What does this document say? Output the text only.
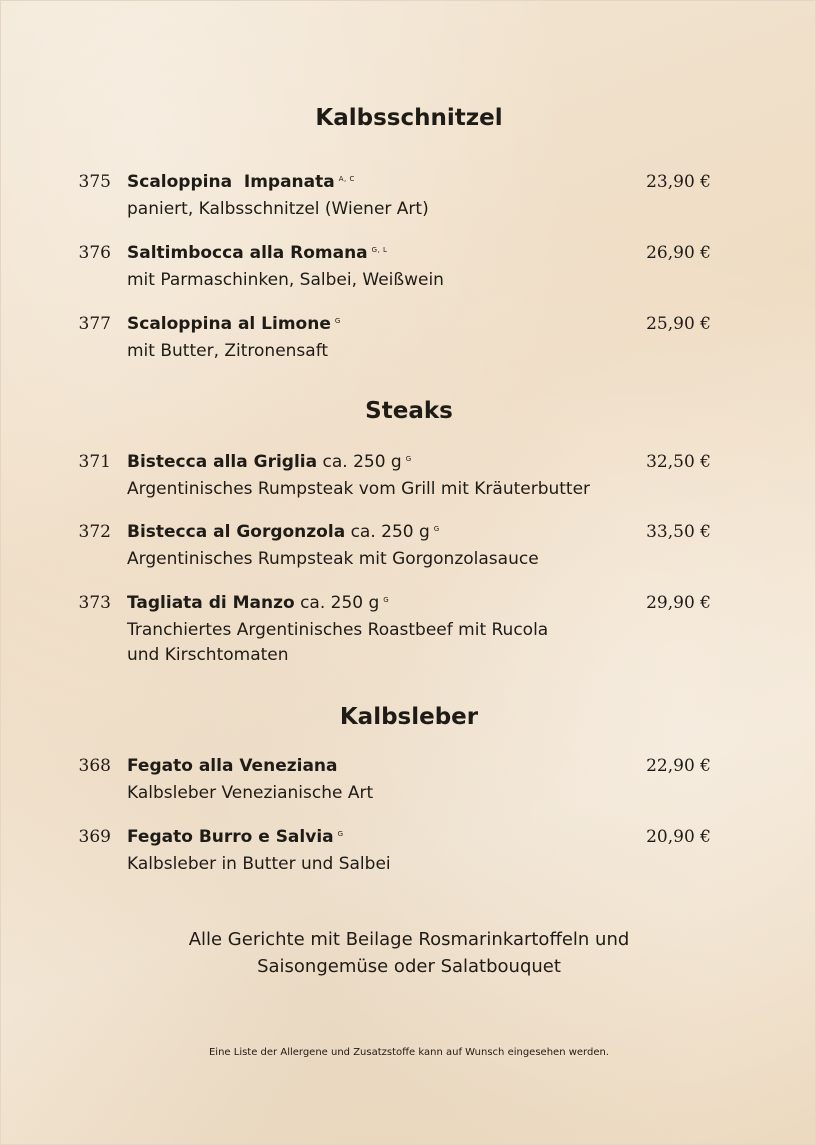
Kalbsschnitzel
375 Scaloppina  Impanata $^{A, C}$	23,90 €
paniert, Kalbsschnitzel (Wiener Art)
376 Saltimbocca alla Romana $^{G, L}$	26,90 €
mit Parmaschinken, Salbei, Weißwein
377 Scaloppina al Limone $^G$	25,90 €
mit Butter, Zitronensaft
Steaks
371 Bistecca alla Griglia ca. 250 g $^G$	32,50 €
Argentinisches Rumpsteak vom Grill mit Kräuterbutter
372 Bistecca al Gorgonzola ca. 250 g $^G$	33,50 €
Argentinisches Rumpsteak mit Gorgonzolasauce
373 Tagliata di Manzo ca. 250 g $^G$	29,90 €
Tranchiertes Argentinisches Roastbeef mit Rucola
und Kirschtomaten
Kalbsleber
368 Fegato alla Veneziana	22,90 €
Kalbsleber Venezianische Art
369 Fegato Burro e Salvia $^G$	20,90 €
Kalbsleber in Butter und Salbei
Alle Gerichte mit Beilage Rosmarinkartoffeln und
Saisongemüse oder Salatbouquet
Eine Liste der Allergene und Zusatzstoffe kann auf Wunsch eingesehen werden.
